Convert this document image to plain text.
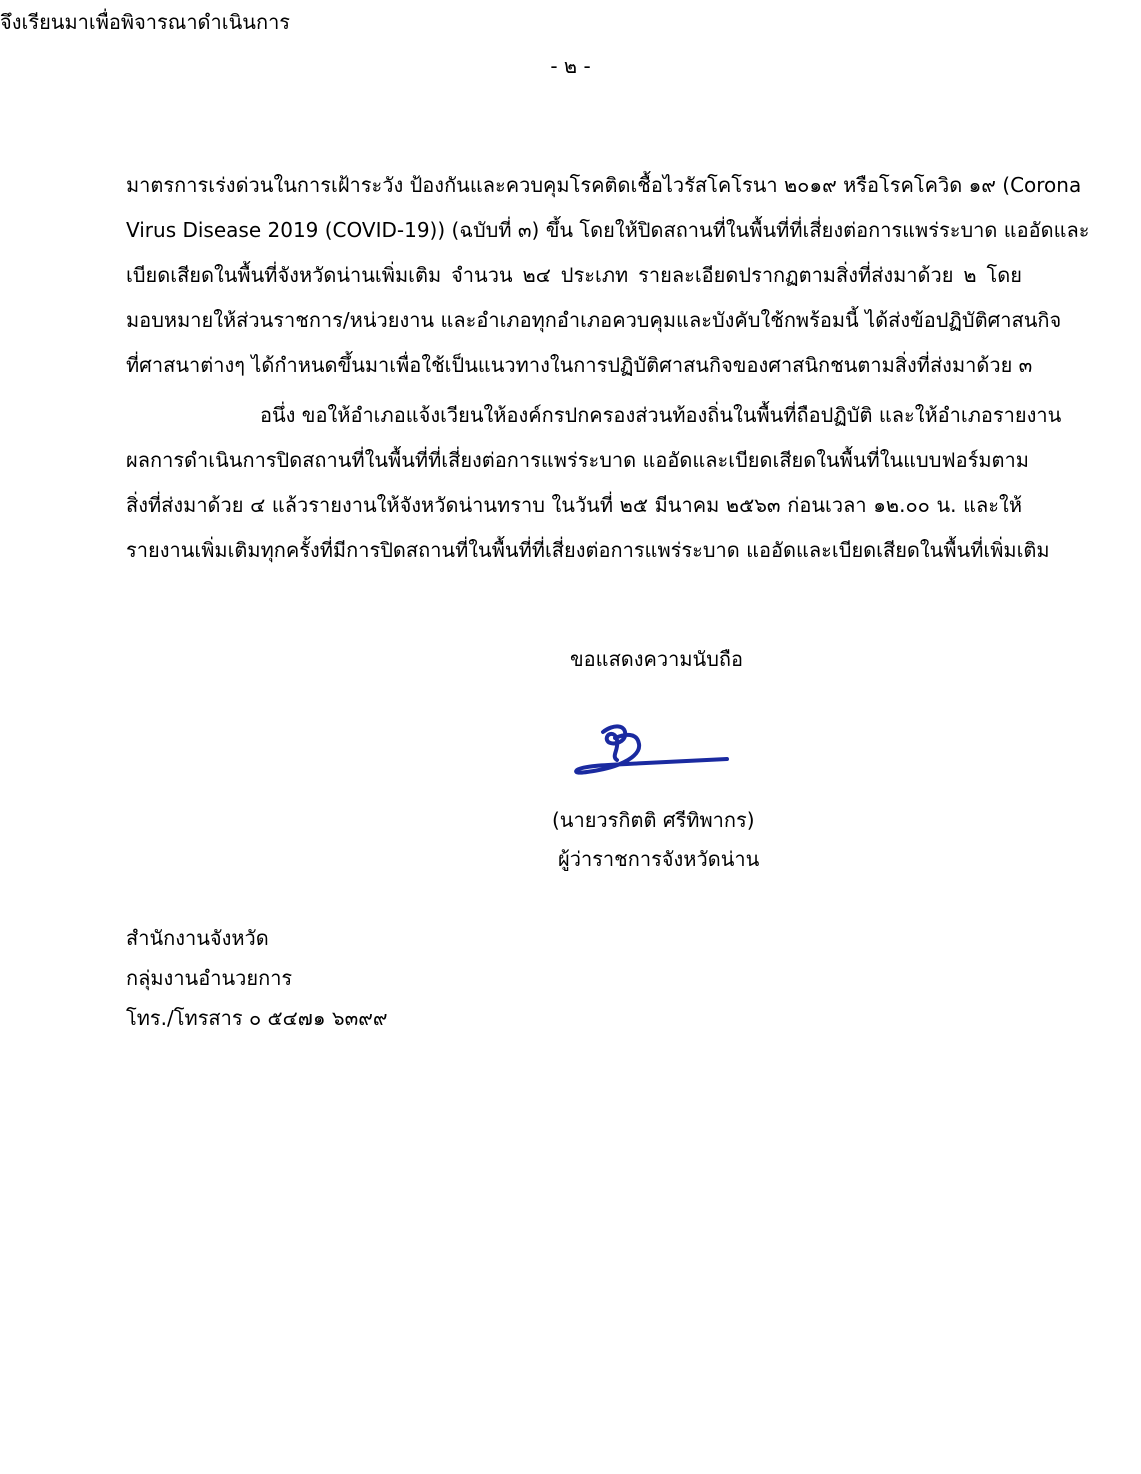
- ๒ -
มาตรการเร่งด่วนในการเฝ้าระวัง ป้องกันและควบคุมโรคติดเชื้อไวรัสโคโรนา ๒๐๑๙ หรือโรคโควิด ๑๙ (Corona
Virus Disease 2019 (COVID-19)) (ฉบับที่ ๓) ขึ้น โดยให้ปิดสถานที่ในพื้นที่ที่เสี่ยงต่อการแพร่ระบาด แออัดและ
เบียดเสียดในพื้นที่จังหวัดน่านเพิ่มเติม จำนวน ๒๔ ประเภท รายละเอียดปรากฏตามสิ่งที่ส่งมาด้วย ๒ โดย
มอบหมายให้ส่วนราชการ/หน่วยงาน และอำเภอทุกอำเภอควบคุมและบังคับใช้กพร้อมนี้ ได้ส่งข้อปฏิบัติศาสนกิจ
ที่ศาสนาต่างๆ ได้กำหนดขึ้นมาเพื่อใช้เป็นแนวทางในการปฏิบัติศาสนกิจของศาสนิกชนตามสิ่งที่ส่งมาด้วย ๓
อนึ่ง ขอให้อำเภอแจ้งเวียนให้องค์กรปกครองส่วนท้องถิ่นในพื้นที่ถือปฏิบัติ และให้อำเภอรายงาน
ผลการดำเนินการปิดสถานที่ในพื้นที่ที่เสี่ยงต่อการแพร่ระบาด แออัดและเบียดเสียดในพื้นที่ในแบบฟอร์มตาม
สิ่งที่ส่งมาด้วย ๔ แล้วรายงานให้จังหวัดน่านทราบ ในวันที่ ๒๕ มีนาคม ๒๕๖๓ ก่อนเวลา ๑๒.๐๐ น. และให้
รายงานเพิ่มเติมทุกครั้งที่มีการปิดสถานที่ในพื้นที่ที่เสี่ยงต่อการแพร่ระบาด แออัดและเบียดเสียดในพื้นที่เพิ่มเติม
จึงเรียนมาเพื่อพิจารณาดำเนินการ
ขอแสดงความนับถือ
(นายวรกิตติ ศรีทิพากร)
ผู้ว่าราชการจังหวัดน่าน
สำนักงานจังหวัด
กลุ่มงานอำนวยการ
โทร./โทรสาร ๐ ๕๔๗๑ ๖๓๙๙
